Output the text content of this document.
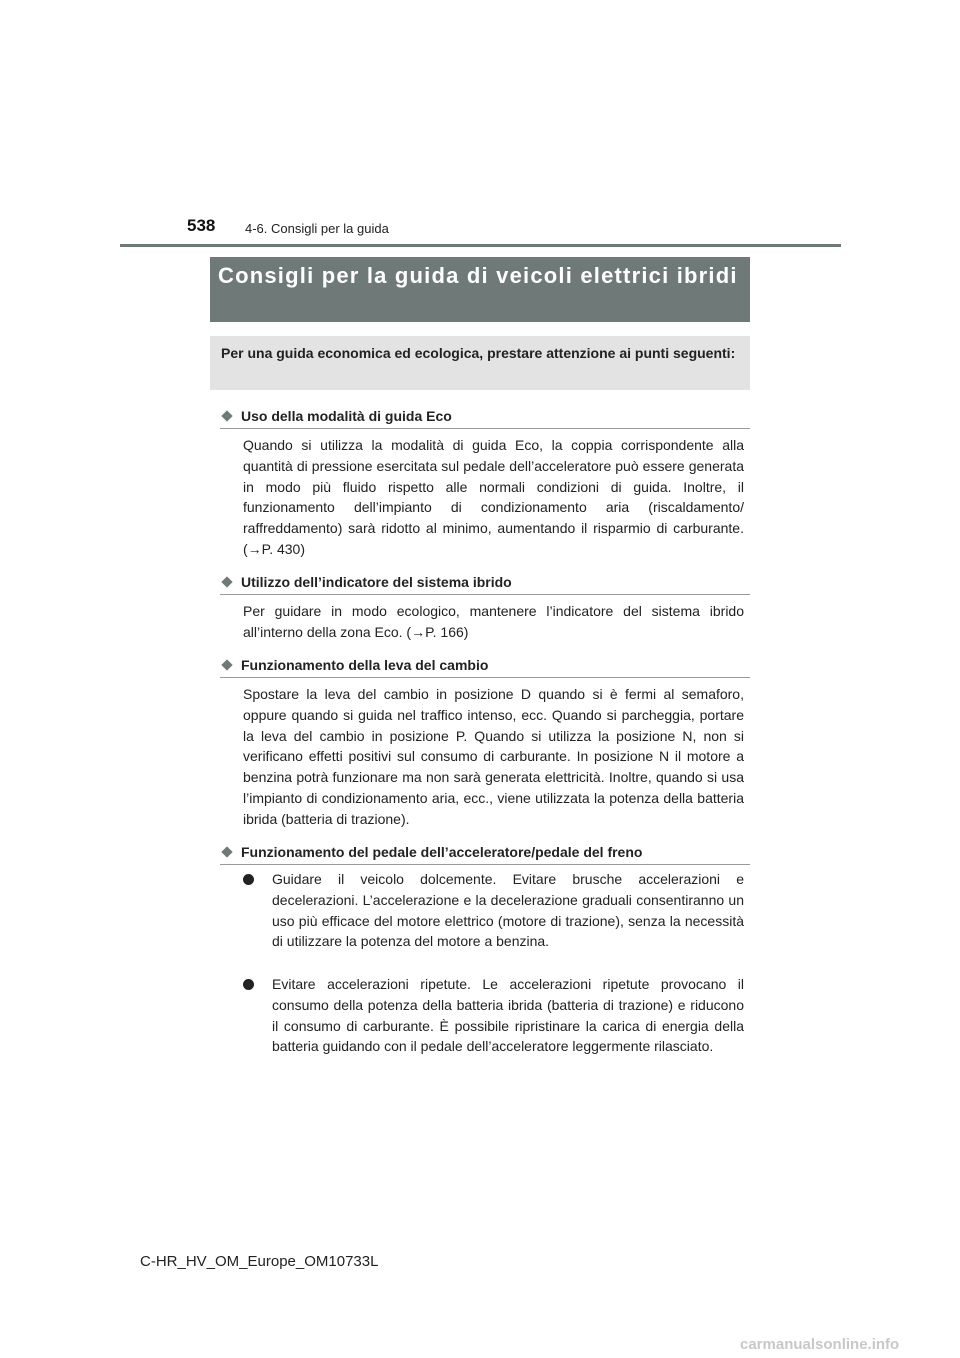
538 4-6. Consigli per la guida
Consigli per la guida di veicoli elettrici ibridi
Per una guida economica ed ecologica, prestare attenzione ai punti seguenti:
Uso della modalità di guida Eco
Quando si utilizza la modalità di guida Eco, la coppia corrispondente alla quantità di pressione esercitata sul pedale dell’acceleratore può essere generata in modo più fluido rispetto alle normali condizioni di guida. Inoltre, il funzionamento dell’impianto di condizionamento aria (riscaldamento/ raffreddamento) sarà ridotto al minimo, aumentando il risparmio di carburante. (→P. 430)
Utilizzo dell’indicatore del sistema ibrido
Per guidare in modo ecologico, mantenere l’indicatore del sistema ibrido all’interno della zona Eco. (→P. 166)
Funzionamento della leva del cambio
Spostare la leva del cambio in posizione D quando si è fermi al semaforo, oppure quando si guida nel traffico intenso, ecc. Quando si parcheggia, portare la leva del cambio in posizione P. Quando si utilizza la posizione N, non si verificano effetti positivi sul consumo di carburante. In posizione N il motore a benzina potrà funzionare ma non sarà generata elettricità. Inoltre, quando si usa l’impianto di condizionamento aria, ecc., viene utilizzata la potenza della batteria ibrida (batteria di trazione).
Funzionamento del pedale dell’acceleratore/pedale del freno
Guidare il veicolo dolcemente. Evitare brusche accelerazioni e decelerazioni. L’accelerazione e la decelerazione graduali consentiranno un uso più efficace del motore elettrico (motore di trazione), senza la necessità di utilizzare la potenza del motore a benzina.
Evitare accelerazioni ripetute. Le accelerazioni ripetute provocano il consumo della potenza della batteria ibrida (batteria di trazione) e riducono il consumo di carburante. È possibile ripristinare la carica di energia della batteria guidando con il pedale dell’acceleratore leggermente rilasciato.
C-HR_HV_OM_Europe_OM10733L
carmanualsonline.info
